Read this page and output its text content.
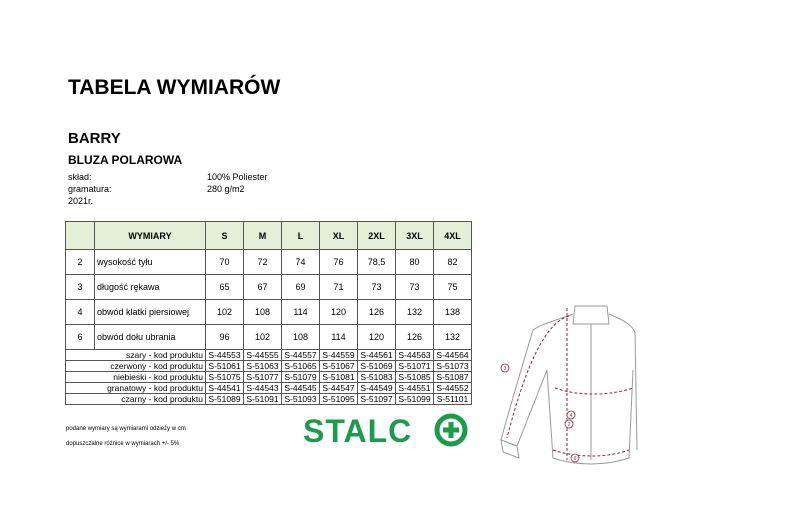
TABELA WYMIARÓW
BARRY
BLUZA POLAROWA
skład:	100% Poliester
gramatura:	280 g/m2
2021r.
	WYMIARY	S	M	L	XL	2XL	3XL	4XL
2	wysokość tyłu	70	72	74	76	78,5	80	82
3	długość rękawa	65	67	69	71	73	73	75
4	obwód klatki piersiowej	102	108	114	120	126	132	138
6	obwód dołu ubrania	96	102	108	114	120	126	132
szary - kod produktu		S-44553	S-44555	S-44557	S-44559	S-44561	S-44563	S-44564
czerwony - kod produktu		S-51061	S-51063	S-51065	S-51067	S-51069	S-51071	S-51073
niebieski - kod produktu		S-51075	S-51077	S-51079	S-51081	S-51083	S-51085	S-51087
granatowy - kod produktu		S-44541	S-44543	S-44545	S-44547	S-44549	S-44551	S-44552
czarny - kod produktu		S-51089	S-51091	S-51093	S-51095	S-51097	S-51099	S-51101
podane wymiary są wymiarami odzieży w cm
dopuszczalne różnice w wymiarach +/- 5%	STALC
3
2
4
6
